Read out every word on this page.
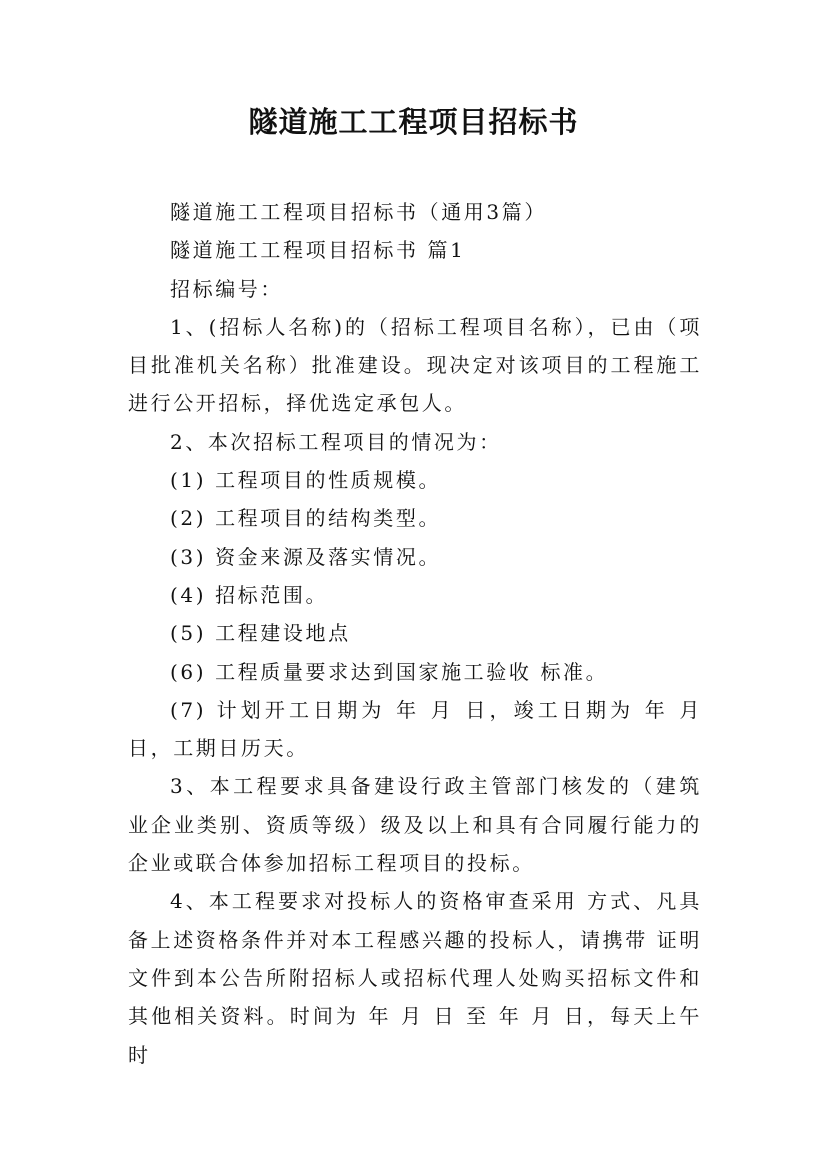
隧道施工工程项目招标书

隧道施工工程项目招标书（通用3篇）

隧道施工工程项目招标书 篇1

招标编号：

1、(招标人名称)的（招标工程项目名称），已由（项目批准机关名称）批准建设。现决定对该项目的工程施工进行公开招标，择优选定承包人。

2、本次招标工程项目的情况为：

(1) 工程项目的性质规模。

(2) 工程项目的结构类型。

(3) 资金来源及落实情况。

(4) 招标范围。

(5) 工程建设地点

(6) 工程质量要求达到国家施工验收 标准。

(7) 计划开工日期为 年 月 日，竣工日期为 年 月 日，工期日历天。

3、本工程要求具备建设行政主管部门核发的（建筑业企业类别、资质等级）级及以上和具有合同履行能力的企业或联合体参加招标工程项目的投标。

4、本工程要求对投标人的资格审查采用 方式、凡具备上述资格条件并对本工程感兴趣的投标人，请携带 证明文件到本公告所附招标人或招标代理人处购买招标文件和其他相关资料。时间为 年 月 日 至 年 月 日，每天上午 时
